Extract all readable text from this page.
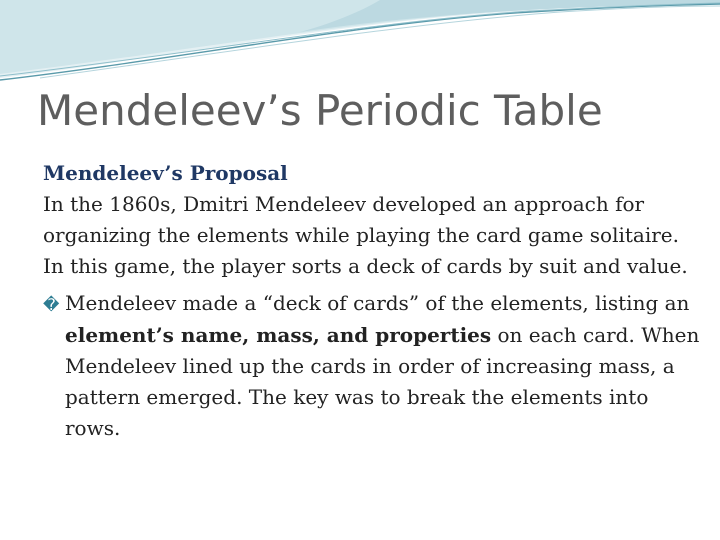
Mendeleev’s Periodic Table

Mendeleev’s Proposal

In the 1860s, Dmitri Mendeleev developed an approach for organizing the elements while playing the card game solitaire. In this game, the player sorts a deck of cards by suit and value.

� Mendeleev made a “deck of cards” of the elements, listing an element’s name, mass, and properties on each card. When Mendeleev lined up the cards in order of increasing mass, a pattern emerged. The key was to break the elements into rows.
